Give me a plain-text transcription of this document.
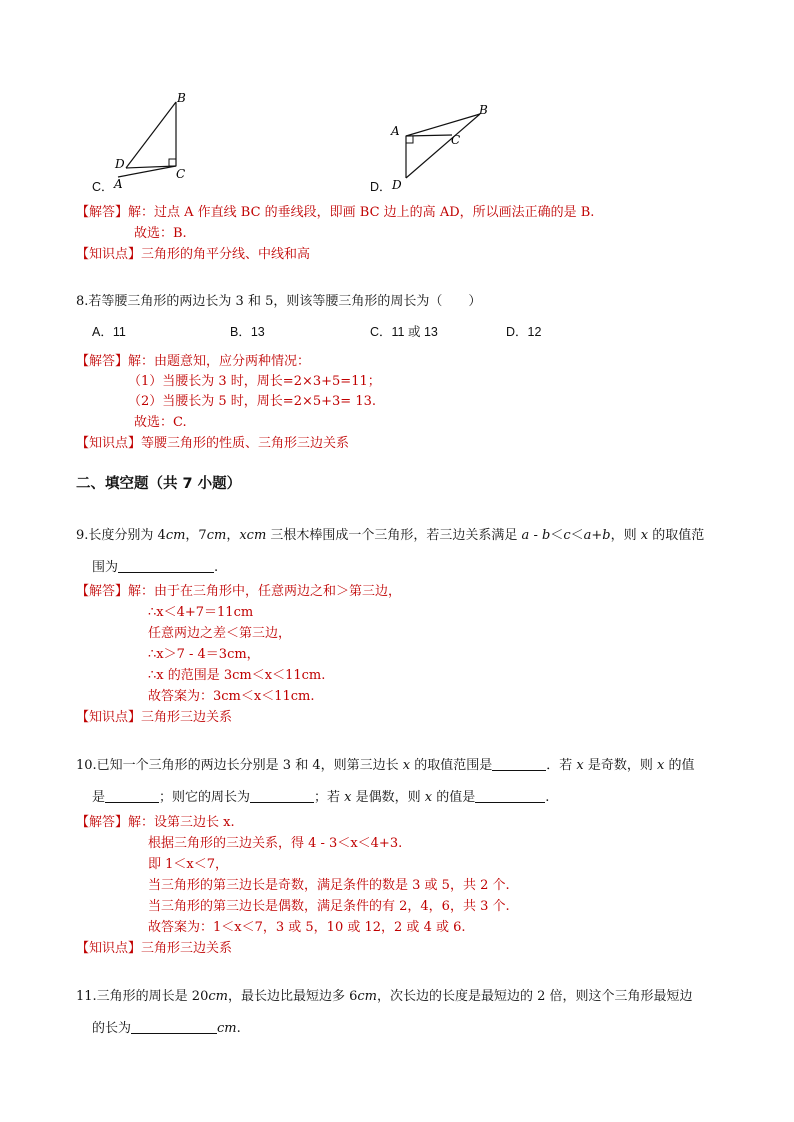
B
D
C
A
C．
A
B
C
D
D．
【解答】解：过点 A 作直线 BC 的垂线段，即画 BC 边上的高 AD，所以画法正确的是 B.
故选：B.
【知识点】三角形的角平分线、中线和高
8.若等腰三角形的两边长为 3 和 5，则该等腰三角形的周长为（　　）
A．11	B．13	C．11 或 13	D．12
【解答】解：由题意知，应分两种情况：
（1）当腰长为 3 时，周长=2×3+5=11；
（2）当腰长为 5 时，周长=2×5+3= 13.
故选：C.
【知识点】等腰三角形的性质、三角形三边关系
二、填空题（共 7 小题）
9.长度分别为 4cm，7cm，xcm 三根木棒围成一个三角形，若三边关系满足 a - b＜c＜a+b，则 x 的取值范
围为	.
【解答】解：由于在三角形中，任意两边之和＞第三边，
∴x＜4+7＝11cm
任意两边之差＜第三边，
∴x＞7 - 4＝3cm，
∴x 的范围是 3cm＜x＜11cm.
故答案为：3cm＜x＜11cm.
【知识点】三角形三边关系
10.已知一个三角形的两边长分别是 3 和 4，则第三边长 x 的取值范围是	．若 x 是奇数，则 x 的值
是	；则它的周长为	；若 x 是偶数，则 x 的值是	.
【解答】解：设第三边长 x.
根据三角形的三边关系，得 4 - 3＜x＜4+3.
即 1＜x＜7，
当三角形的第三边长是奇数，满足条件的数是 3 或 5，共 2 个.
当三角形的第三边长是偶数，满足条件的有 2，4，6，共 3 个.
故答案为：1＜x＜7，3 或 5，10 或 12，2 或 4 或 6.
【知识点】三角形三边关系
11.三角形的周长是 20cm，最长边比最短边多 6cm，次长边的长度是最短边的 2 倍，则这个三角形最短边
的长为	cm.
